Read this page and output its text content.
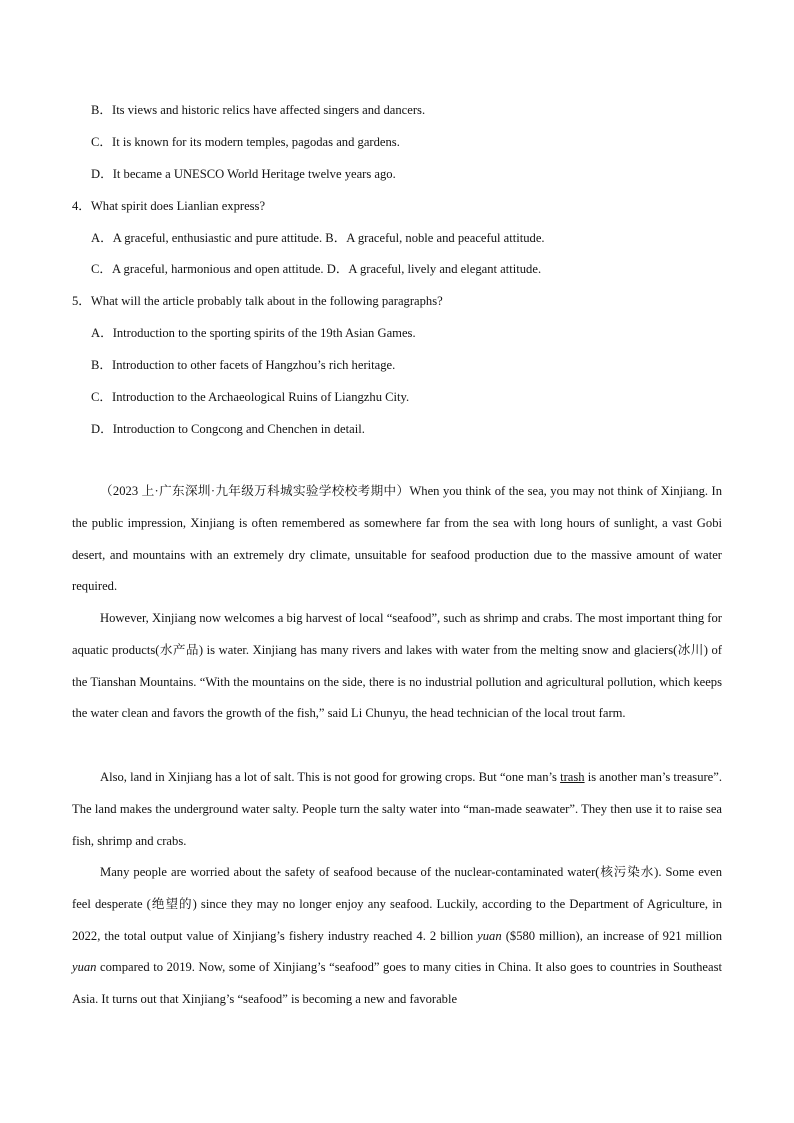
B．Its views and historic relics have affected singers and dancers.
C．It is known for its modern temples, pagodas and gardens.
D．It became a UNESCO World Heritage twelve years ago.
4．What spirit does Lianlian express?
A．A graceful, enthusiastic and pure attitude. B．A graceful, noble and peaceful attitude.
C．A graceful, harmonious and open attitude. D．A graceful, lively and elegant attitude.
5．What will the article probably talk about in the following paragraphs?
A．Introduction to the sporting spirits of the 19th Asian Games.
B．Introduction to other facets of Hangzhou’s rich heritage.
C．Introduction to the Archaeological Ruins of Liangzhu City.
D．Introduction to Congcong and Chenchen in detail.

（2023 上·广东深圳·九年级万科城实验学校校考期中）When you think of the sea, you may not think of Xinjiang. In the public impression, Xinjiang is often remembered as somewhere far from the sea with long hours of sunlight, a vast Gobi desert, and mountains with an extremely dry climate, unsuitable for seafood production due to the massive amount of water required.

However, Xinjiang now welcomes a big harvest of local “seafood”, such as shrimp and crabs. The most important thing for aquatic products(水产品) is water. Xinjiang has many rivers and lakes with water from the melting snow and glaciers(冰川) of the Tianshan Mountains. “With the mountains on the side, there is no industrial pollution and agricultural pollution, which keeps the water clean and favors the growth of the fish,” said Li Chunyu, the head technician of the local trout farm.

Also, land in Xinjiang has a lot of salt. This is not good for growing crops. But “one man’s trash is another man’s treasure”. The land makes the underground water salty. People turn the salty water into “man-made seawater”. They then use it to raise sea fish, shrimp and crabs.

Many people are worried about the safety of seafood because of the nuclear-contaminated water(核污染水). Some even feel desperate (绝望的) since they may no longer enjoy any seafood. Luckily, according to the Department of Agriculture, in 2022, the total output value of Xinjiang’s fishery industry reached 4. 2 billion yuan ($580 million), an increase of 921 million yuan compared to 2019. Now, some of Xinjiang’s “seafood” goes to many cities in China. It also goes to countries in Southeast Asia. It turns out that Xinjiang’s “seafood” is becoming a new and favorable
